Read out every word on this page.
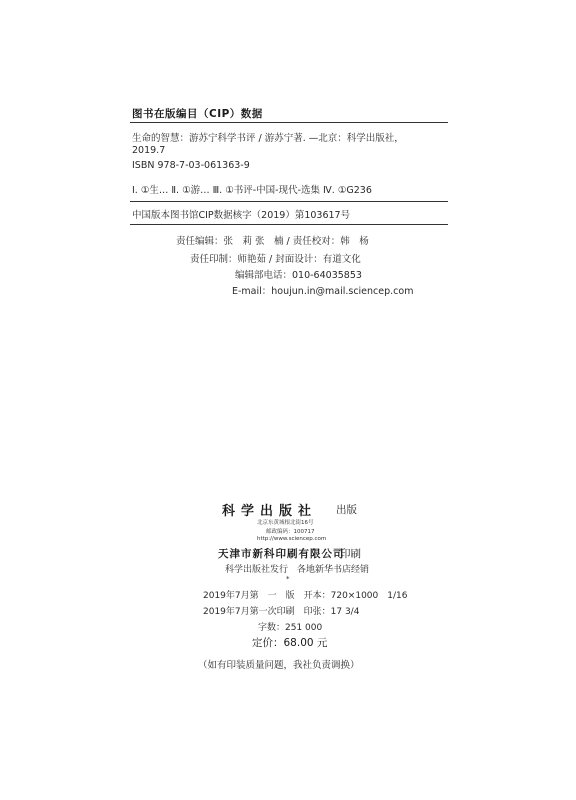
图书在版编目（CIP）数据
生命的智慧：游苏宁科学书评 / 游苏宁著. —北京：科学出版社，
2019.7
ISBN 978-7-03-061363-9
Ⅰ. ①生… Ⅱ. ①游… Ⅲ. ①书评-中国-现代-选集 Ⅳ. ①G236
中国版本图书馆CIP数据核字（2019）第103617号
责任编辑：张　莉 张　楠 / 责任校对：韩　杨
责任印制：师艳茹 / 封面设计：有道文化
编辑部电话：010-64035853
E-mail：houjun.in@mail.sciencep.com
科学出版社 出版
北京东黄城根北街16号
邮政编码：100717
http://www.sciencep.com
天津市新科印刷有限公司
印刷
科学出版社发行　各地新华书店经销
*
2019年7月第　一　版　开本：720×1000　1/16
2019年7月第一次印刷　印张：17 3/4
字数：251 000
定价：68.00 元
（如有印装质量问题，我社负责调换）
